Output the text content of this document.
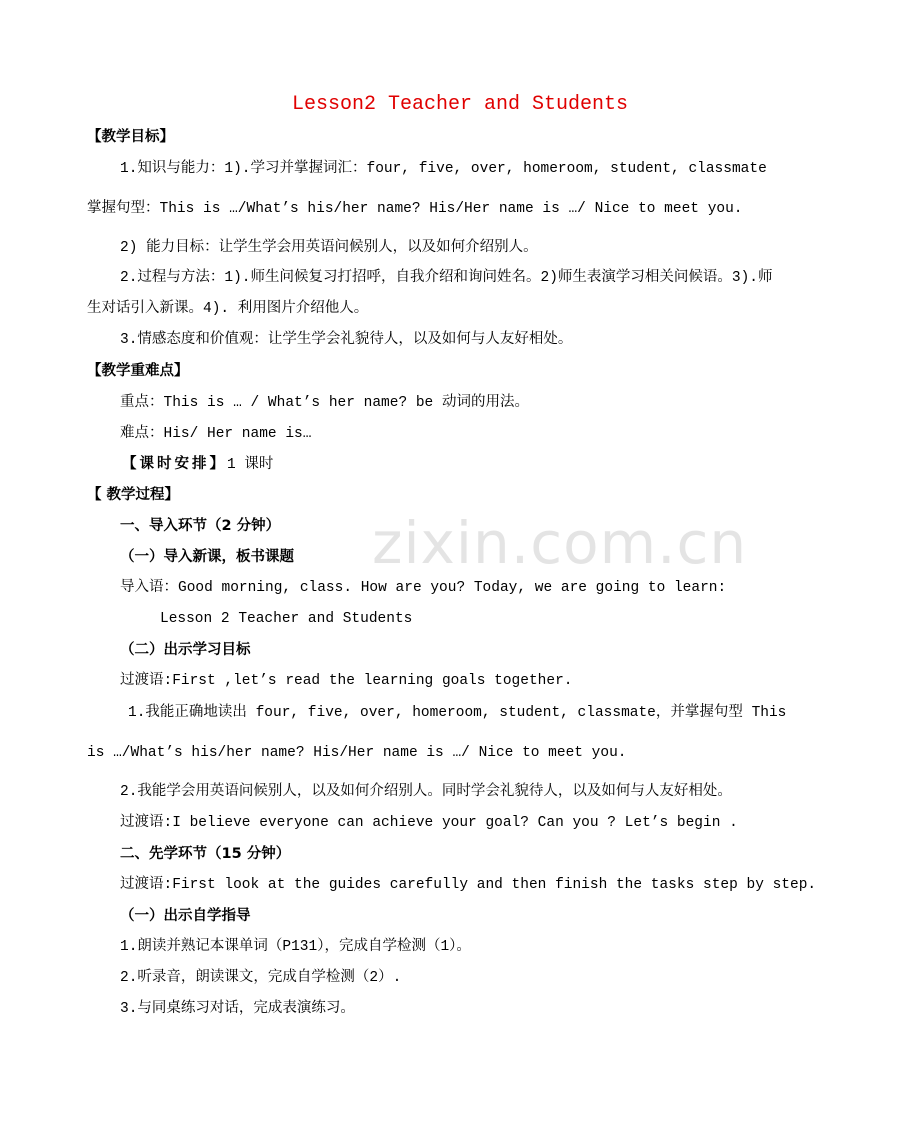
zixin.com.cn
Lesson2 Teacher and Students
【教学目标】
1.知识与能力：1).学习并掌握词汇：four, five, over, homeroom, student, classmate
掌握句型：This is …/What’s his/her name? His/Her name is …/ Nice to meet you.
2) 能力目标：让学生学会用英语问候别人，以及如何介绍别人。
2.过程与方法：1).师生问候复习打招呼，自我介绍和询问姓名。2)师生表演学习相关问候语。3).师
生对话引入新课。4). 利用图片介绍他人。
3.情感态度和价值观：让学生学会礼貌待人，以及如何与人友好相处。
【教学重难点】
重点：This is … / What’s her name? be 动词的用法。
难点：His/ Her name is…
【课时安排】1 课时
【 教学过程】
一、导入环节（2 分钟）
（一）导入新课，板书课题
导入语：Good morning, class. How are you? Today, we are going to learn:
Lesson 2 Teacher and Students
（二）出示学习目标
过渡语:First ,let’s read the learning goals together.
1.我能正确地读出 four, five, over, homeroom, student, classmate，并掌握句型 This
is …/What’s his/her name? His/Her name is …/ Nice to meet you.
2.我能学会用英语问候别人，以及如何介绍别人。同时学会礼貌待人，以及如何与人友好相处。
过渡语:I believe everyone can achieve your goal? Can you ? Let’s begin .
二、先学环节（15 分钟）
过渡语:First look at the guides carefully and then finish the tasks step by step.
（一）出示自学指导
1.朗读并熟记本课单词（P131），完成自学检测（1）。
2.听录音，朗读课文，完成自学检测（2）.
3.与同桌练习对话，完成表演练习。
